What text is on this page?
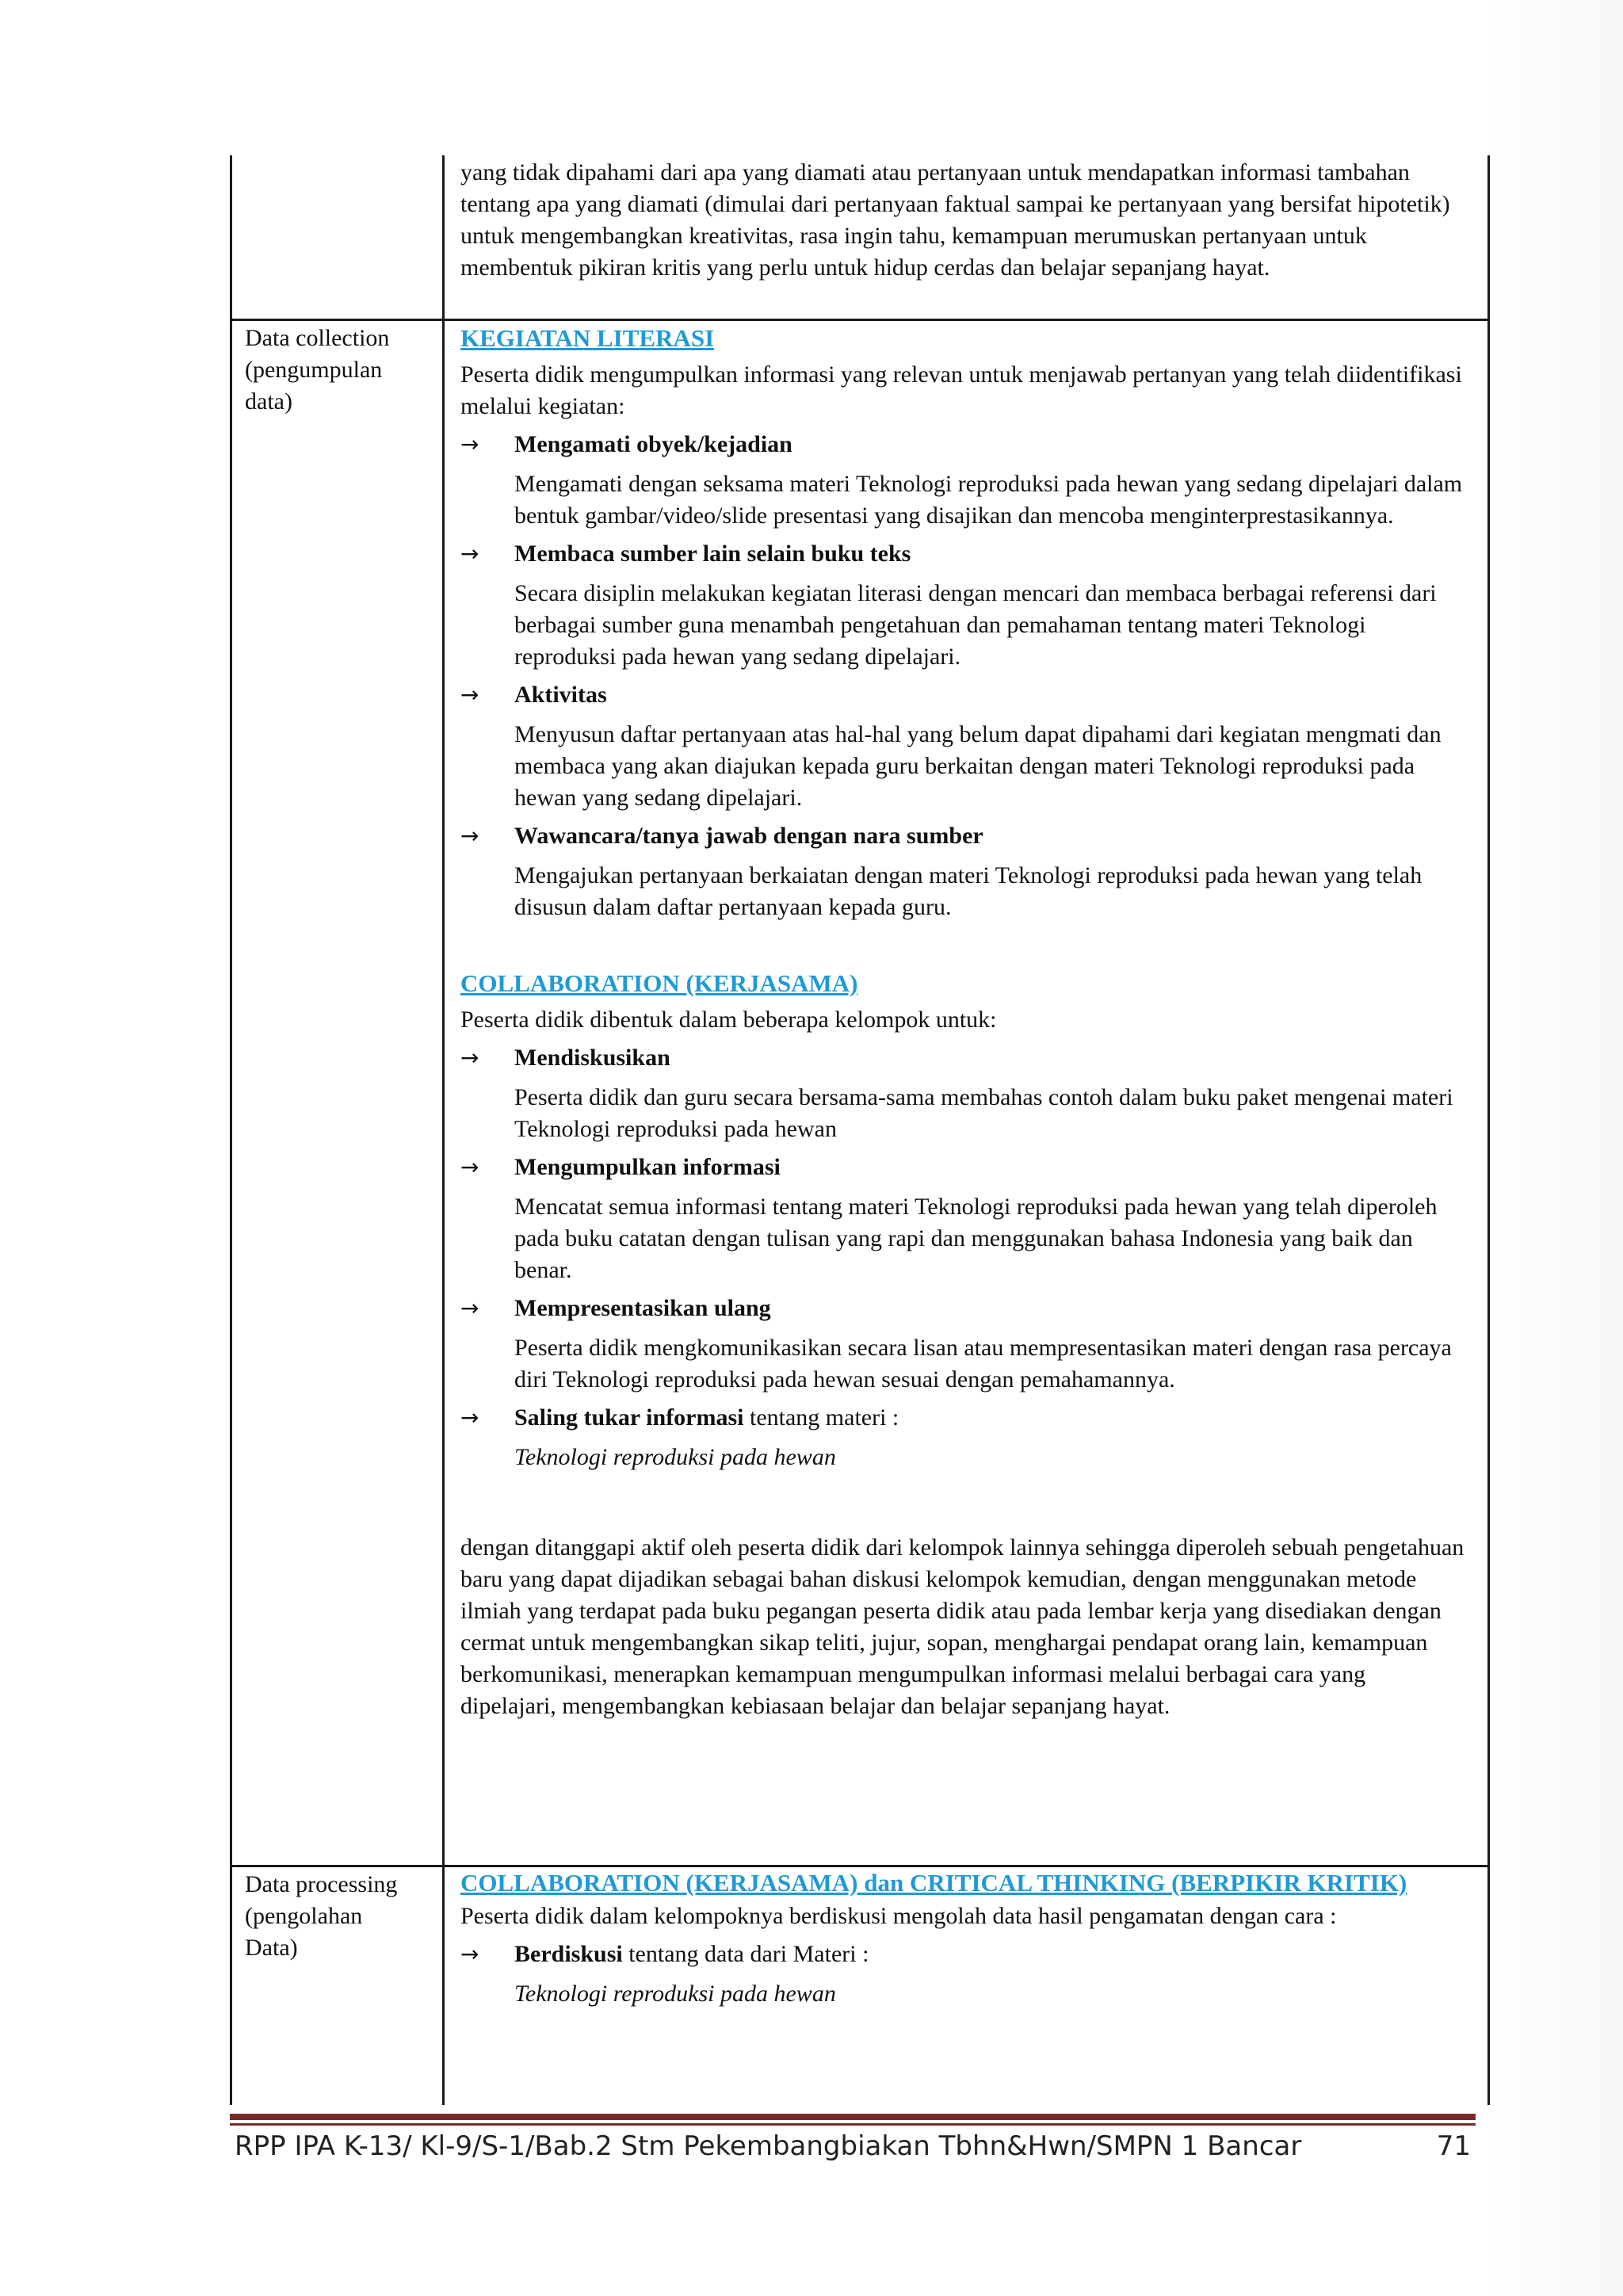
yang tidak dipahami dari apa yang diamati atau pertanyaan untuk mendapatkan informasi tambahan tentang apa yang diamati (dimulai dari pertanyaan faktual sampai ke pertanyaan yang bersifat hipotetik) untuk mengembangkan kreativitas, rasa ingin tahu, kemampuan merumuskan pertanyaan untuk membentuk pikiran kritis yang perlu untuk hidup cerdas dan belajar sepanjang hayat.

Data collection (pengumpulan data)
KEGIATAN LITERASI

Peserta didik mengumpulkan informasi yang relevan untuk menjawab pertanyan yang telah diidentifikasi melalui kegiatan:

→	Mengamati obyek/kejadian
Mengamati dengan seksama materi Teknologi reproduksi pada hewan yang sedang dipelajari dalam bentuk gambar/video/slide presentasi yang disajikan dan mencoba menginterprestasikannya.
→	Membaca sumber lain selain buku teks
Secara disiplin melakukan kegiatan literasi dengan mencari dan membaca berbagai referensi dari berbagai sumber guna menambah pengetahuan dan pemahaman tentang materi Teknologi reproduksi pada hewan yang sedang dipelajari.
→	Aktivitas
Menyusun daftar pertanyaan atas hal-hal yang belum dapat dipahami dari kegiatan mengmati dan membaca yang akan diajukan kepada guru berkaitan dengan materi Teknologi reproduksi pada hewan yang sedang dipelajari.
→	Wawancara/tanya jawab dengan nara sumber
Mengajukan pertanyaan berkaiatan dengan materi Teknologi reproduksi pada hewan yang telah disusun dalam daftar pertanyaan kepada guru.
COLLABORATION (KERJASAMA)

Peserta didik dibentuk dalam beberapa kelompok untuk:

→	Mendiskusikan
Peserta didik dan guru secara bersama-sama membahas contoh dalam buku paket mengenai materi Teknologi reproduksi pada hewan
→	Mengumpulkan informasi
Mencatat semua informasi tentang materi Teknologi reproduksi pada hewan yang telah diperoleh pada buku catatan dengan tulisan yang rapi dan menggunakan bahasa Indonesia yang baik dan benar.
→	Mempresentasikan ulang
Peserta didik mengkomunikasikan secara lisan atau mempresentasikan materi dengan rasa percaya diri Teknologi reproduksi pada hewan sesuai dengan pemahamannya.
→	Saling tukar informasi tentang materi :
Teknologi reproduksi pada hewan

dengan ditanggapi aktif oleh peserta didik dari kelompok lainnya sehingga diperoleh sebuah pengetahuan baru yang dapat dijadikan sebagai bahan diskusi kelompok kemudian, dengan menggunakan metode ilmiah yang terdapat pada buku pegangan peserta didik atau pada lembar kerja yang disediakan dengan cermat untuk mengembangkan sikap teliti, jujur, sopan, menghargai pendapat orang lain, kemampuan berkomunikasi, menerapkan kemampuan mengumpulkan informasi melalui berbagai cara yang dipelajari, mengembangkan kebiasaan belajar dan belajar sepanjang hayat.

Data processing (pengolahan Data)
COLLABORATION (KERJASAMA) dan CRITICAL THINKING (BERPIKIR KRITIK)

Peserta didik dalam kelompoknya berdiskusi mengolah data hasil pengamatan dengan cara :

→	Berdiskusi tentang data dari Materi :
Teknologi reproduksi pada hewan
RPP IPA K-13/ Kl-9/S-1/Bab.2 Stm Pekembangbiakan Tbhn&Hwn/SMPN 1 Bancar	71
